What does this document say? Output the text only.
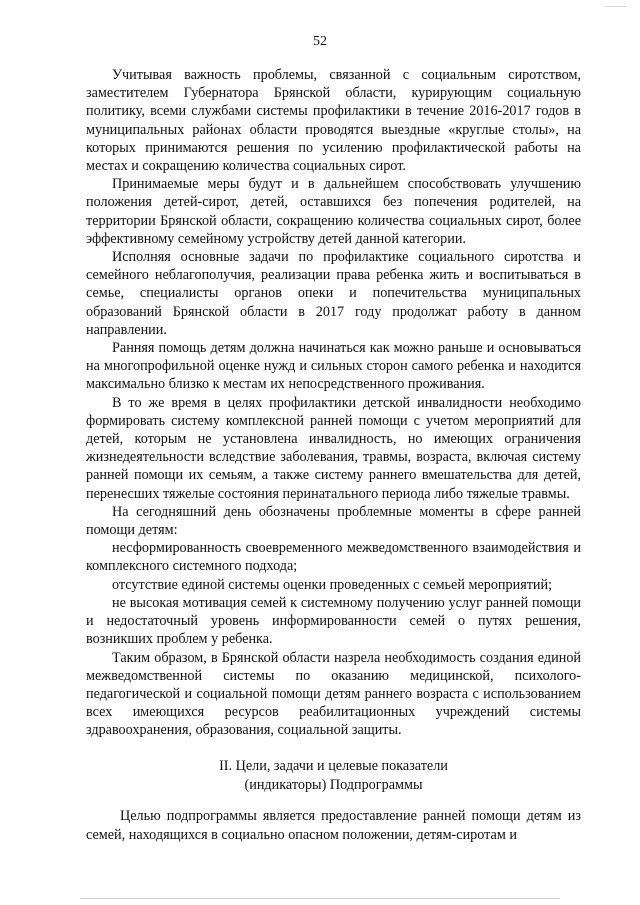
52

Учитывая важность проблемы, связанной с социальным сиротством, заместителем Губернатора Брянской области, курирующим социальную политику, всеми службами системы профилактики в течение 2016-2017 годов в муниципальных районах области проводятся выездные «круглые столы», на которых принимаются решения по усилению профилактической работы на местах и сокращению количества социальных сирот.

Принимаемые меры будут и в дальнейшем способствовать улучшению положения детей-сирот, детей, оставшихся без попечения родителей, на территории Брянской области, сокращению количества социальных сирот, более эффективному семейному устройству детей данной категории.

Исполняя основные задачи по профилактике социального сиротства и семейного неблагополучия, реализации права ребенка жить и воспитываться в семье, специалисты органов опеки и попечительства муниципальных образований Брянской области в 2017 году продолжат работу в данном направлении.

Ранняя помощь детям должна начинаться как можно раньше и основываться на многопрофильной оценке нужд и сильных сторон самого ребенка и находится максимально близко к местам их непосредственного проживания.

В то же время в целях профилактики детской инвалидности необходимо формировать систему комплексной ранней помощи с учетом мероприятий для детей, которым не установлена инвалидность, но имеющих ограничения жизнедеятельности вследствие заболевания, травмы, возраста, включая систему ранней помощи их семьям, а также систему раннего вмешательства для детей, перенесших тяжелые состояния перинатального периода либо тяжелые травмы.

На сегодняшний день обозначены проблемные моменты в сфере ранней помощи детям:

несформированность своевременного межведомственного взаимодействия и комплексного системного подхода;

отсутствие единой системы оценки проведенных с семьей мероприятий;

не высокая мотивация семей к системному получению услуг ранней помощи и недостаточный уровень информированности семей о путях решения, возникших проблем у ребенка.

Таким образом, в Брянской области назрела необходимость создания единой межведомственной системы по оказанию медицинской, психолого-педагогической и социальной помощи детям раннего возраста с использованием всех имеющихся ресурсов реабилитационных учреждений системы здравоохранения, образования, социальной защиты.

II. Цели, задачи и целевые показатели
(индикаторы) Подпрограммы

Целью подпрограммы является предоставление ранней помощи детям из семей, находящихся в социально опасном положении, детям-сиротам и
